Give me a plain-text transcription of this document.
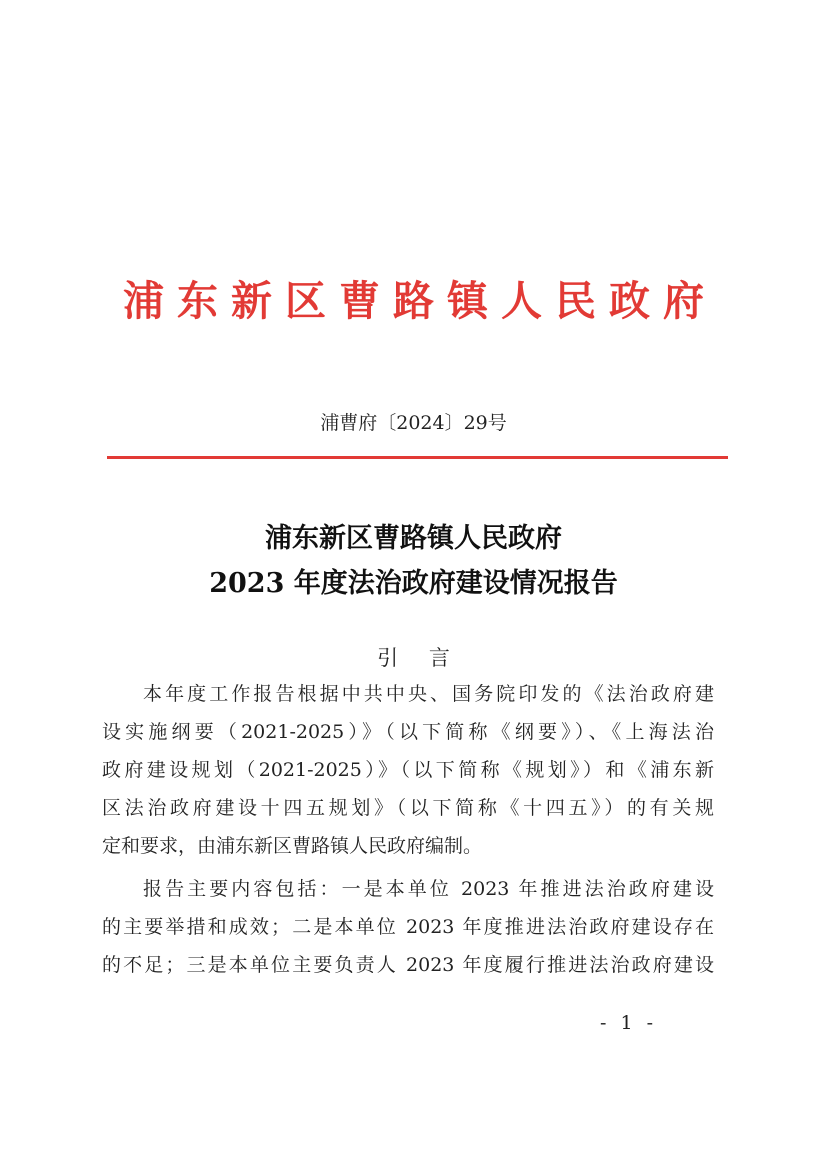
浦东新区曹路镇人民政府
浦曹府〔2024〕29号
浦东新区曹路镇人民政府
2023 年度法治政府建设情况报告
引 言
本年度工作报告根据中共中央、国务院印发的《法治政府建
设实施纲要（2021-2025）》（以下简称《纲要》）、《上海法治
政府建设规划（2021-2025）》（以下简称《规划》）和《浦东新
区法治政府建设十四五规划》（以下简称《十四五》）的有关规
定和要求，由浦东新区曹路镇人民政府编制。
报告主要内容包括：一是本单位 2023 年推进法治政府建设
的主要举措和成效；二是本单位 2023 年度推进法治政府建设存在
的不足；三是本单位主要负责人 2023 年度履行推进法治政府建设
- 1 -
